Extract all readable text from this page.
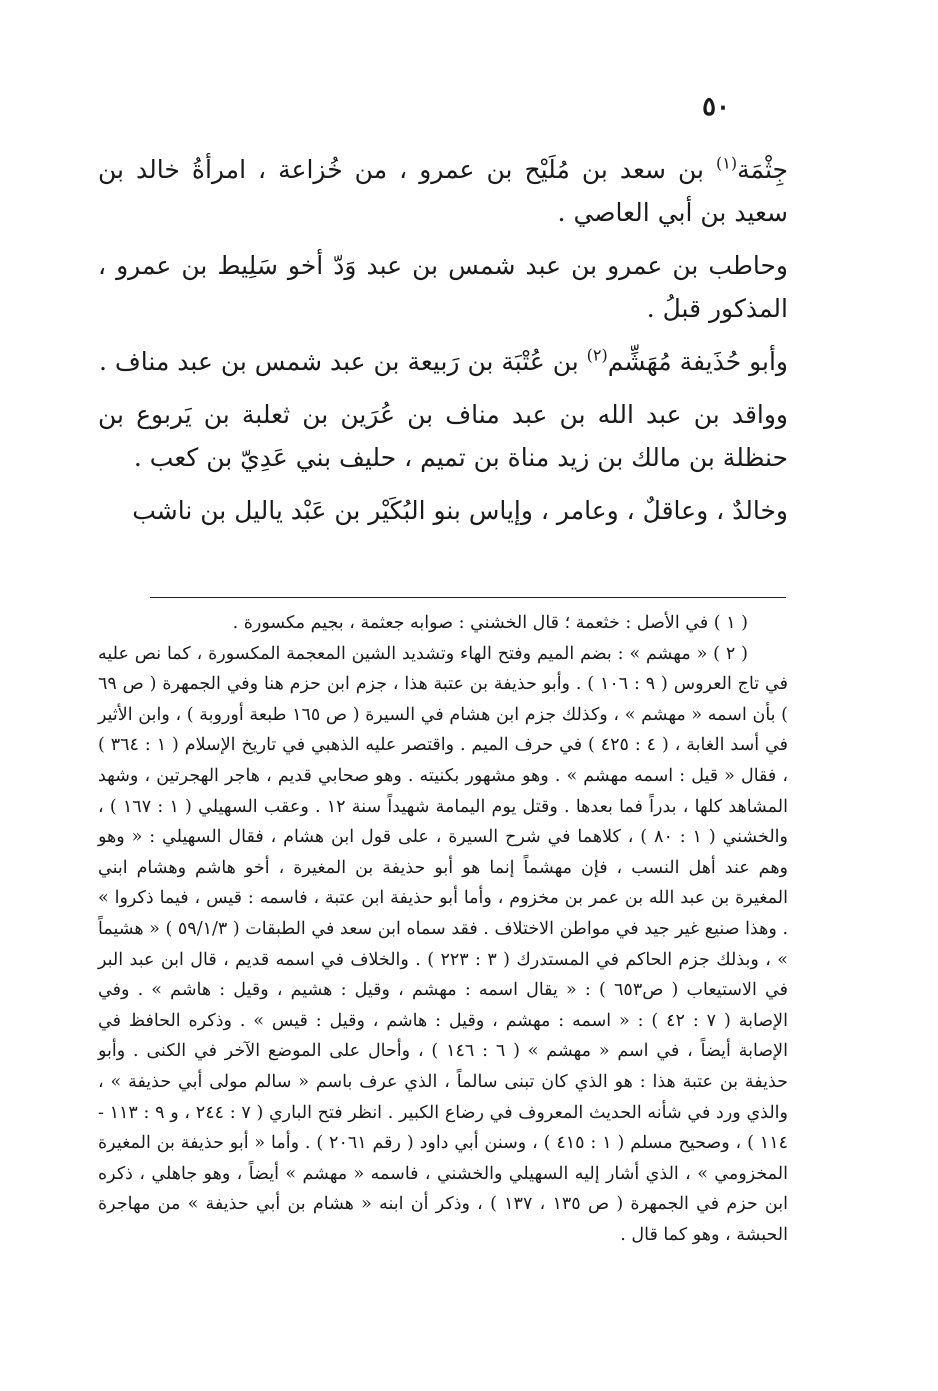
٥٠

جِثْمَة$^{(١)}$ بن سعد بن مُلَيْح بن عمرو ، من خُزاعة ، امرأةُ خالد بن سعيد بن أبي العاصي .

وحاطب بن عمرو بن عبد شمس بن عبد وَدّ أخو سَلِيط بن عمرو ، المذكور قبلُ .

وأبو حُذَيفة مُهَشِّم$^{(٢)}$ بن عُتْبَة بن رَبيعة بن عبد شمس بن عبد مناف .

وواقد بن عبد الله بن عبد مناف بن عُرَين بن ثعلبة بن يَربوع بن حنظلة بن مالك بن زيد مناة بن تميم ، حليف بني عَدِيّ بن كعب .

وخالدٌ ، وعاقلٌ ، وعامر ، وإياس بنو البُكَيْر بن عَبْد ياليل بن ناشب

( ١ ) في الأصل : خثعمة ؛ قال الخشني : صوابه جعثمة ، بجيم مكسورة .

( ٢ ) « مهشم » : بضم الميم وفتح الهاء وتشديد الشين المعجمة المكسورة ، كما نص عليه في تاج العروس ( ٩ : ١٠٦ ) . وأبو حذيفة بن عتبة هذا ، جزم ابن حزم هنا وفي الجمهرة ( ص ٦٩ ) بأن اسمه « مهشم » ، وكذلك جزم ابن هشام في السيرة ( ص ١٦٥ طبعة أوروبة ) ، وابن الأثير في أسد الغابة ، ( ٤ : ٤٢٥ ) في حرف الميم . واقتصر عليه الذهبي في تاريخ الإسلام ( ١ : ٣٦٤ ) ، فقال « قيل : اسمه مهشم » . وهو مشهور بكنيته . وهو صحابي قديم ، هاجر الهجرتين ، وشهد المشاهد كلها ، بدراً فما بعدها . وقتل يوم اليمامة شهيداً سنة ١٢ . وعقب السهيلي ( ١ : ١٦٧ ) ، والخشني ( ١ : ٨٠ ) ، كلاهما في شرح السيرة ، على قول ابن هشام ، فقال السهيلي : « وهو وهم عند أهل النسب ، فإن مهشماً إنما هو أبو حذيفة بن المغيرة ، أخو هاشم وهشام ابني المغيرة بن عبد الله بن عمر بن مخزوم ، وأما أبو حذيفة ابن عتبة ، فاسمه : قيس ، فيما ذكروا » . وهذا صنيع غير جيد في مواطن الاختلاف . فقد سماه ابن سعد في الطبقات ( ٥٩/١/٣ ) « هشيماً » ، وبذلك جزم الحاكم في المستدرك ( ٣ : ٢٢٣ ) . والخلاف في اسمه قديم ، قال ابن عبد البر في الاستيعاب ( ص٦٥٣ ) : « يقال اسمه : مهشم ، وقيل : هشيم ، وقيل : هاشم » . وفي الإصابة ( ٧ : ٤٢ ) : « اسمه : مهشم ، وقيل : هاشم ، وقيل : قيس » . وذكره الحافظ في الإصابة أيضاً ، في اسم « مهشم » ( ٦ : ١٤٦ ) ، وأحال على الموضع الآخر في الكنى . وأبو حذيفة بن عتبة هذا : هو الذي كان تبنى سالماً ، الذي عرف باسم « سالم مولى أبي حذيفة » ، والذي ورد في شأنه الحديث المعروف في رضاع الكبير . انظر فتح الباري ( ٧ : ٢٤٤ ، و ٩ : ١١٣ - ١١٤ ) ، وصحيح مسلم ( ١ : ٤١٥ ) ، وسنن أبي داود ( رقم ٢٠٦١ ) . وأما « أبو حذيفة بن المغيرة المخزومي » ، الذي أشار إليه السهيلي والخشني ، فاسمه « مهشم » أيضاً ، وهو جاهلي ، ذكره ابن حزم في الجمهرة ( ص ١٣٥ ، ١٣٧ ) ، وذكر أن ابنه « هشام بن أبي حذيفة » من مهاجرة الحبشة ، وهو كما قال .
